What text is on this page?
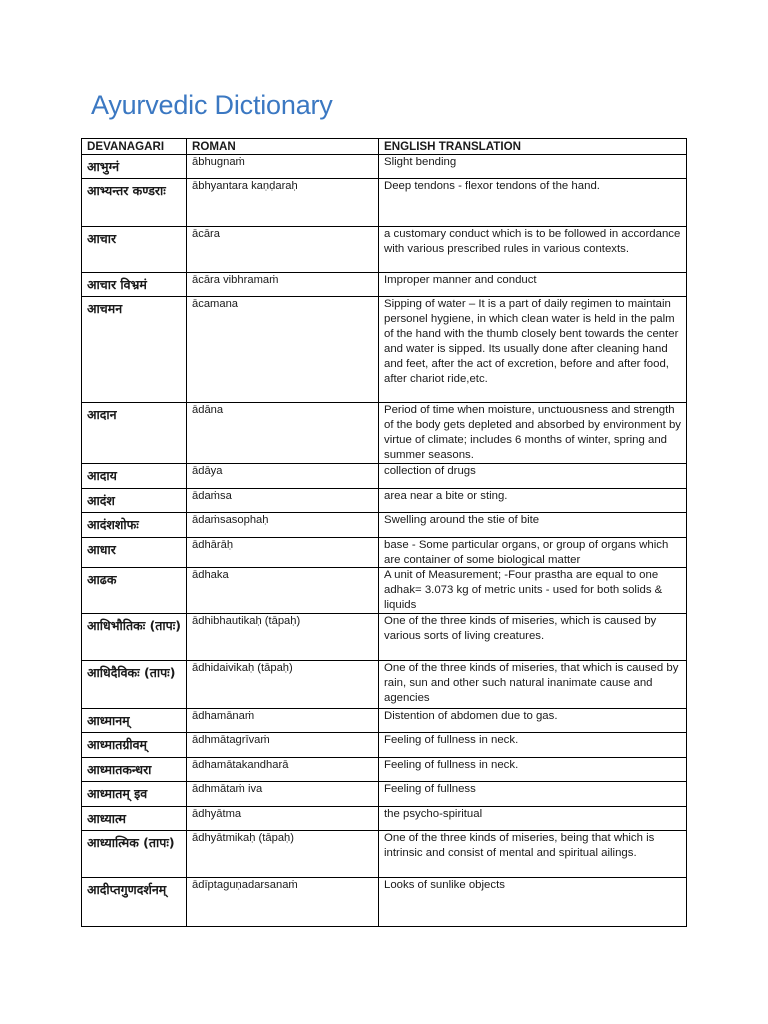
Ayurvedic Dictionary
DEVANAGARI	ROMAN	ENGLISH TRANSLATION
आभुग्नं	ābhugnaṁ	Slight bending
आभ्यन्तर कण्डराः	ābhyantara kaṇḍaraḥ	Deep tendons - flexor tendons of the hand.
आचार	ācāra	a customary conduct which is to be followed in accordance with various prescribed rules in various contexts.
आचार विभ्रमं	ācāra vibhramaṁ	Improper manner and conduct
आचमन	ācamana	Sipping of water – It is a part of daily regimen to maintain personel hygiene, in which clean water is held in the palm of the hand with the thumb closely bent towards the center and water is sipped. Its usually done after cleaning hand and feet, after the act of excretion, before and after food, after chariot ride,etc.
आदान	ādāna	Period of time when moisture, unctuousness and strength of the body gets depleted and absorbed by environment by virtue of climate; includes 6 months of winter, spring and summer seasons.
आदाय	ādāya	collection of drugs
आदंश	ādaṁsa	area near a bite or sting.
आदंशशोफः	ādaṁsasophaḥ	Swelling around the stie of bite
आधार	ādhārāḥ	base - Some particular organs, or group of organs which are container of some biological matter
आढक	ādhaka	A unit of Measurement; -Four prastha are equal to one adhak= 3.073 kg of metric units - used for both solids & liquids
आधिभौतिकः (तापः)	ādhibhautikaḥ (tāpaḥ)	One of the three kinds of miseries, which is caused by various sorts of living creatures.
आधिदैविकः (तापः)	ādhidaivikaḥ (tāpaḥ)	One of the three kinds of miseries, that which is caused by rain, sun and other such natural inanimate cause and agencies
आध्मानम्	ādhamānaṁ	Distention of abdomen due to gas.
आध्मातग्रीवम्	ādhmātagrīvaṁ	Feeling of fullness in neck.
आध्मातकन्धरा	ādhamātakandharā	Feeling of fullness in neck.
आध्मातम् इव	ādhmātaṁ iva	Feeling of fullness
आध्यात्म	ādhyātma	the psycho-spiritual
आध्यात्मिक (तापः)	ādhyātmikaḥ (tāpaḥ)	One of the three kinds of miseries, being that which is intrinsic and consist of mental and spiritual ailings.
आदीप्तगुणदर्शनम्	ādīptaguṇadarsanaṁ	Looks of sunlike objects
